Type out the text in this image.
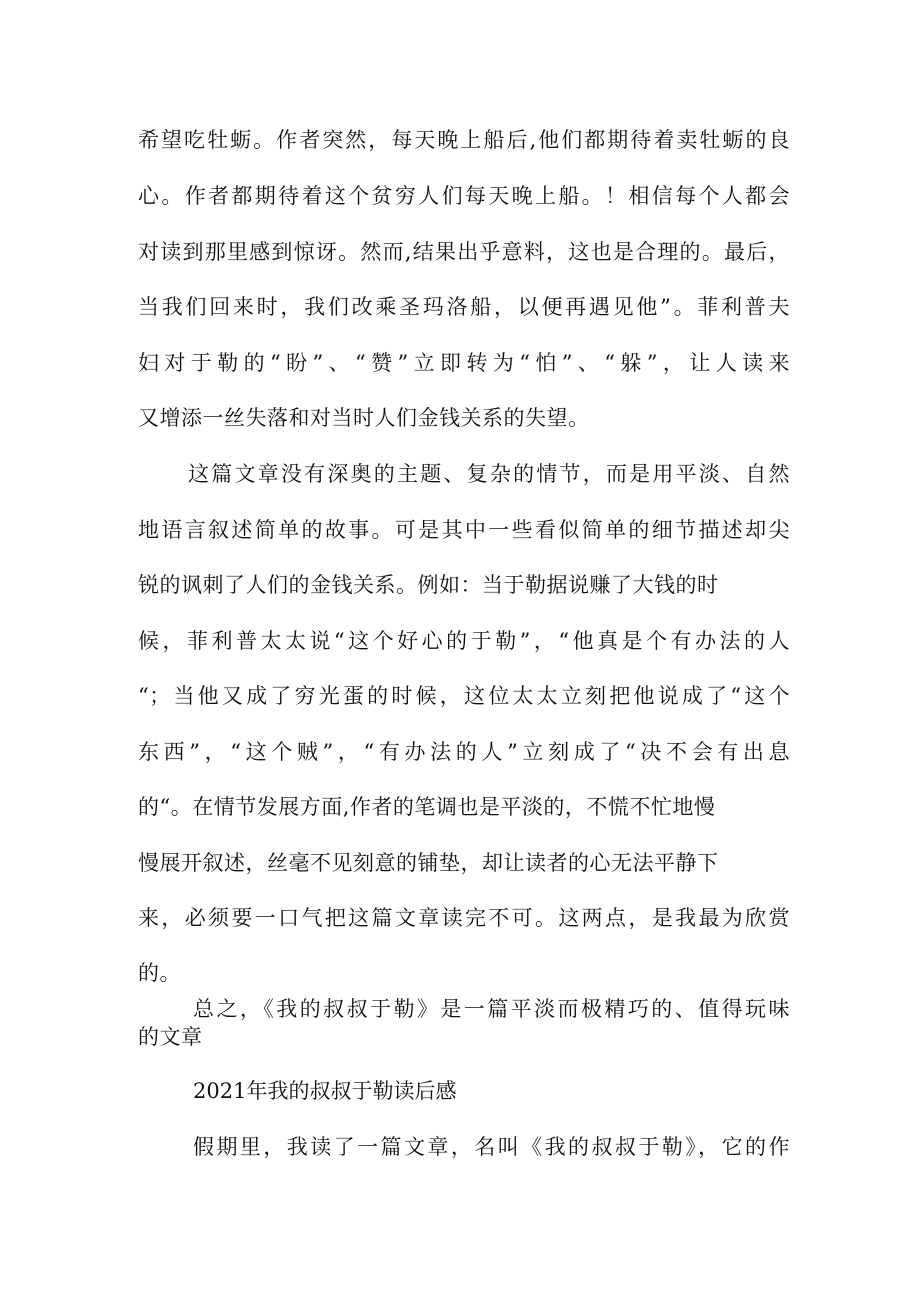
希望吃牡蛎。作者突然，每天晚上船后,他们都期待着卖牡蛎的良
心。作者都期待着这个贫穷人们每天晚上船。！相信每个人都会
对读到那里感到惊讶。然而,结果出乎意料，这也是合理的。最后，
当我们回来时，我们改乘圣玛洛船，以便再遇见他”。菲利普夫
妇对于勒的“盼”、“赞”立即转为“怕”、“躲”，让人读来
又增添一丝失落和对当时人们金钱关系的失望。
这篇文章没有深奥的主题、复杂的情节，而是用平淡、自然
地语言叙述简单的故事。可是其中一些看似简单的细节描述却尖
锐的讽刺了人们的金钱关系。例如：当于勒据说赚了大钱的时
候，菲利普太太说“这个好心的于勒”，“他真是个有办法的人
“；当他又成了穷光蛋的时候，这位太太立刻把他说成了“这个
东西”，“这个贼”，“有办法的人”立刻成了“决不会有出息
的“。在情节发展方面,作者的笔调也是平淡的，不慌不忙地慢
慢展开叙述，丝毫不见刻意的铺垫，却让读者的心无法平静下
来，必须要一口气把这篇文章读完不可。这两点，是我最为欣赏
的。
总之，《我的叔叔于勒》是一篇平淡而极精巧的、值得玩味
的文章
2021年我的叔叔于勒读后感
假期里，我读了一篇文章，名叫《我的叔叔于勒》，它的作
